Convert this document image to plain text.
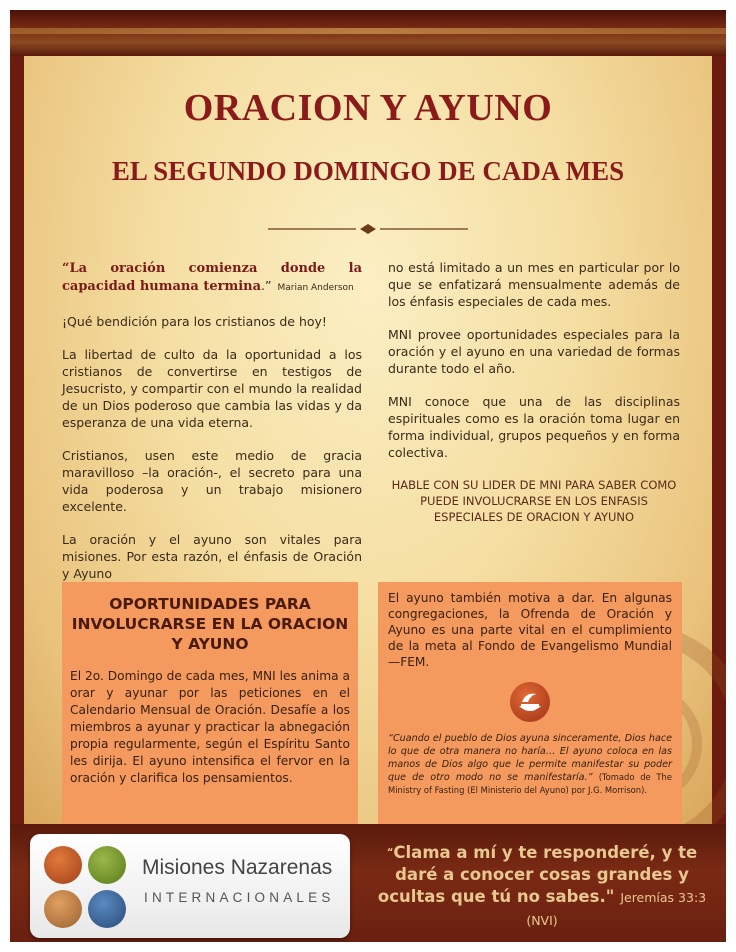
ORACION Y AYUNO
EL SEGUNDO DOMINGO DE CADA MES

“La oración comienza donde la capacidad humana termina.” Marian Anderson

¡Qué bendición para los cristianos de hoy!

La libertad de culto da la oportunidad a los cristianos de convertirse en testigos de Jesucristo, y compartir con el mundo la realidad de un Dios poderoso que cambia las vidas y da esperanza de una vida eterna.

Cristianos, usen este medio de gracia maravilloso –la oración-, el secreto para una vida poderosa y un trabajo misionero excelente.

La oración y el ayuno son vitales para misiones. Por esta razón, el énfasis de Oración y Ayuno

no está limitado a un mes en particular por lo que se enfatizará mensualmente además de los énfasis especiales de cada mes.

MNI provee oportunidades especiales para la oración y el ayuno en una variedad de formas durante todo el año.

MNI conoce que una de las disciplinas espirituales como es la oración toma lugar en forma individual, grupos pequeños y en forma colectiva.

HABLE CON SU LIDER DE MNI PARA SABER COMO PUEDE INVOLUCRARSE EN LOS ENFASIS ESPECIALES DE ORACION Y AYUNO

OPORTUNIDADES PARA INVOLUCRARSE EN LA ORACION Y AYUNO
El 2o. Domingo de cada mes, MNI les anima a orar y ayunar por las peticiones en el Calendario Mensual de Oración. Desafíe a los miembros a ayunar y practicar la abnegación propia regularmente, según el Espíritu Santo les dirija. El ayuno intensifica el fervor en la oración y clarifica los pensamientos.
El ayuno también motiva a dar. En algunas congregaciones, la Ofrenda de Oración y Ayuno es una parte vital en el cumplimiento de la meta al Fondo de Evangelismo Mundial—FEM.
“Cuando el pueblo de Dios ayuna sinceramente, Dios hace lo que de otra manera no haría… El ayuno coloca en las manos de Dios algo que le permite manifestar su poder que de otro modo no se manifestaría.” (Tomado de The Ministry of Fasting (El Ministerio del Ayuno) por J.G. Morrison).
Misiones Nazarenas
INTERNACIONALES
“Clama a mí y te responderé, y te daré a conocer cosas grandes y ocultas que tú no sabes." Jeremías 33:3 (NVI)
